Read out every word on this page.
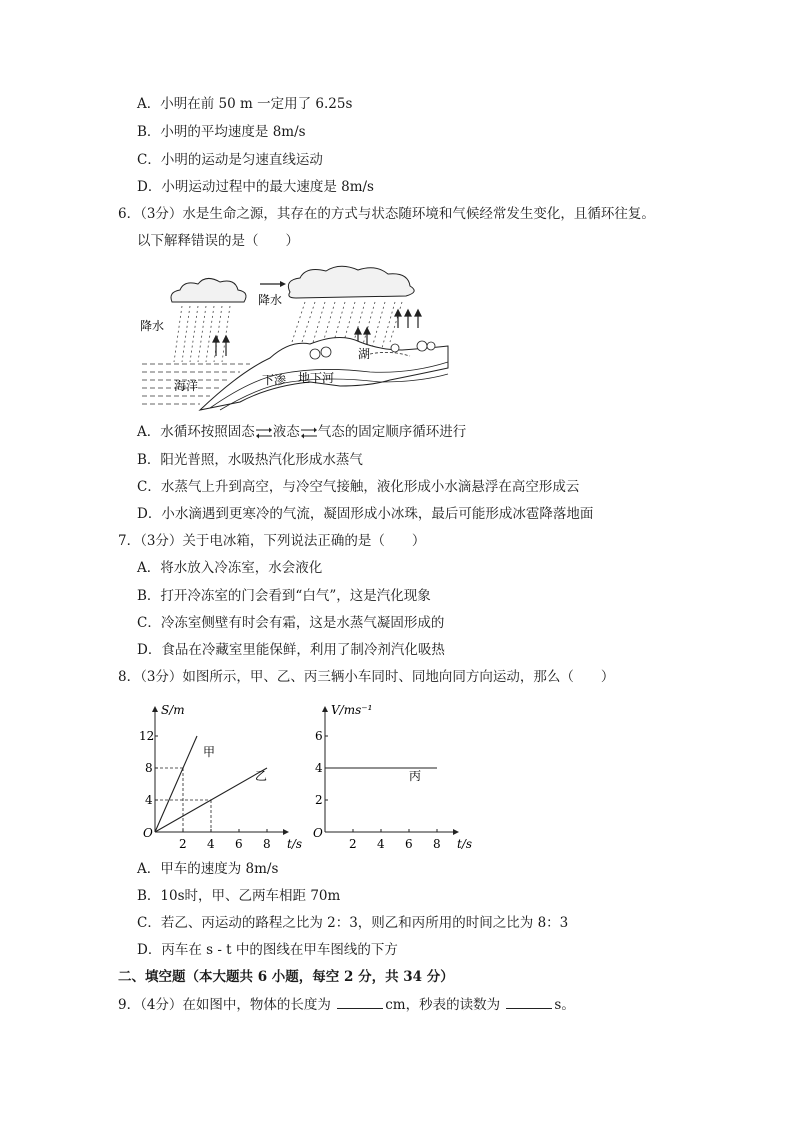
A．小明在前 50 m 一定用了 6.25s
B．小明的平均速度是 8m/s
C．小明的运动是匀速直线运动
D．小明运动过程中的最大速度是 8m/s
6．（3分）水是生命之源，其存在的方式与状态随环境和气候经常发生变化，且循环往复。
以下解释错误的是（　　）
降水
降水
海洋	下渗 地下河
湖
A．水循环按照固态 液态 气态的固定顺序循环进行
B．阳光普照，水吸热汽化形成水蒸气
C．水蒸气上升到高空，与冷空气接触，液化形成小水滴悬浮在高空形成云
D．小水滴遇到更寒冷的气流，凝固形成小冰珠，最后可能形成冰雹降落地面
7．（3分）关于电冰箱，下列说法正确的是（　　）
A．将水放入冷冻室，水会液化
B．打开冷冻室的门会看到“白气”，这是汽化现象
C．冷冻室侧壁有时会有霜，这是水蒸气凝固形成的
D．食品在冷藏室里能保鲜，利用了制冷剂汽化吸热
8．（3分）如图所示，甲、乙、丙三辆小车同时、同地向同方向运动，那么（　　）
O
t/s
S/m
2 4 6 8
4
8
12
甲
乙
O
t/s
V/ms⁻¹
2 4 6 8
2
4
6
丙
A．甲车的速度为 8m/s
B．10s时，甲、乙两车相距 70m
C．若乙、丙运动的路程之比为 2：3，则乙和丙所用的时间之比为 8：3
D．丙车在 s - t 中的图线在甲车图线的下方
二、填空题（本大题共 6 小题，每空 2 分，共 34 分）
9．（4分）在如图中，物体的长度为	cm，秒表的读数为	s。
